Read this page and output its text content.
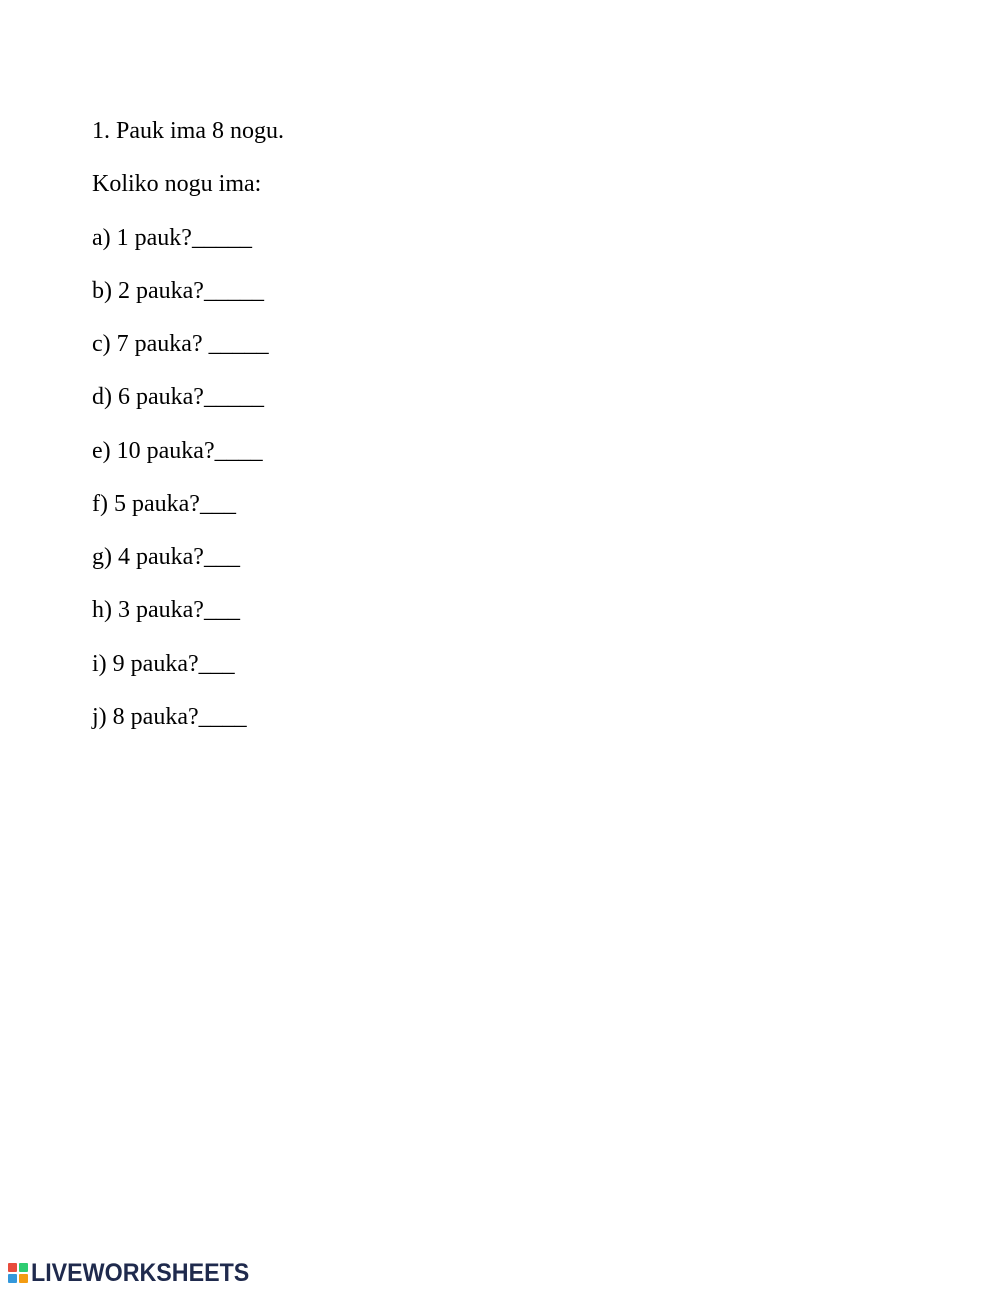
1. Pauk ima 8 nogu.
Koliko nogu ima:
a) 1 pauk?_____
b) 2 pauka?_____
c) 7 pauka? _____
d) 6 pauka?_____
e) 10 pauka?____
f) 5 pauka?___
g) 4 pauka?___
h) 3 pauka?___
i) 9 pauka?___
j) 8 pauka?____
LIVEWORKSHEETS
